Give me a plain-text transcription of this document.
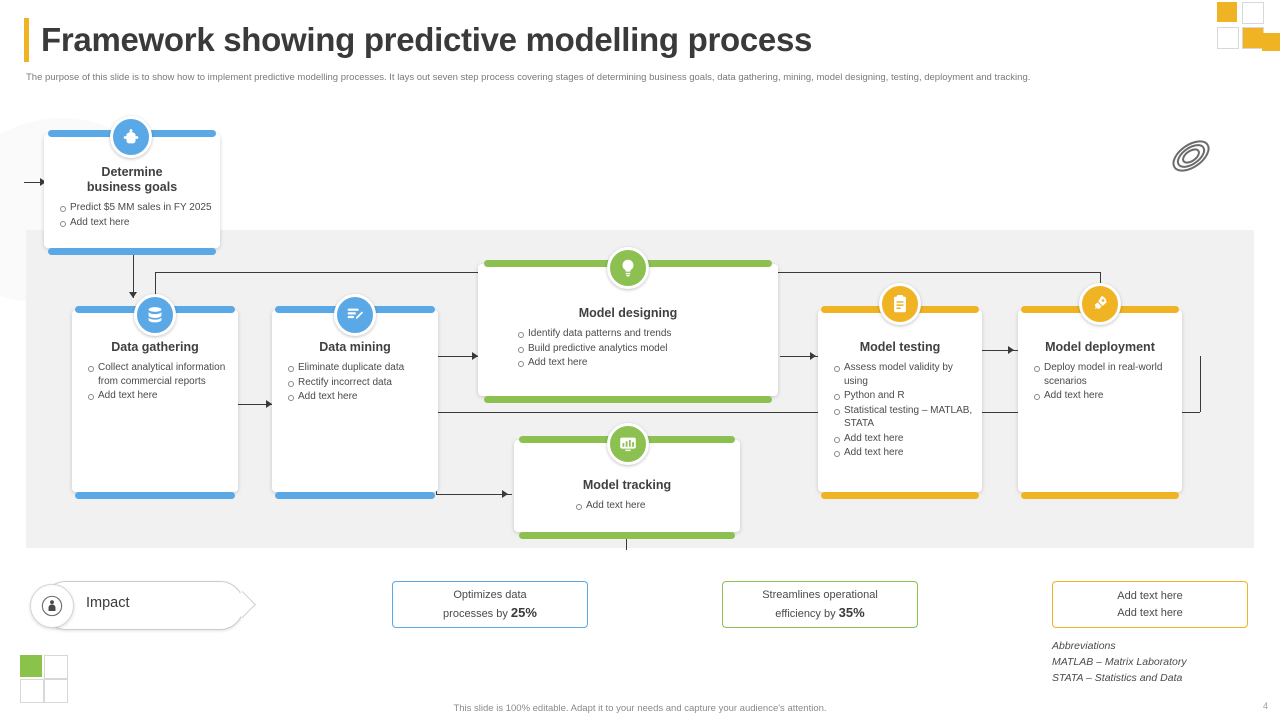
Framework showing predictive modelling process
The purpose of this slide is to show how to implement predictive modelling processes. It lays out seven step process covering stages of determining business goals, data gathering, mining, model designing, testing, deployment and tracking.
Determine
business goals
Predict $5 MM sales in FY 2025
Add text here
Data gathering
Collect analytical information from commercial reports
Add text here
Data mining
Eliminate duplicate data
Rectify incorrect data
Add text here
Model designing
Identify data patterns and trends
Build predictive analytics model
Add text here
Model testing
Assess model validity by using
Python and R
Statistical testing – MATLAB, STATA
Add text here
Add text here
Model deployment
Deploy model in real-world scenarios
Add text here
Model tracking
Add text here
Impact
Optimizes data
processes by 25%
Streamlines operational
efficiency by 35%
Add text here
Add text here
Abbreviations
MATLAB – Matrix Laboratory
STATA – Statistics and Data
This slide is 100% editable. Adapt it to your needs and capture your audience's attention.	4
